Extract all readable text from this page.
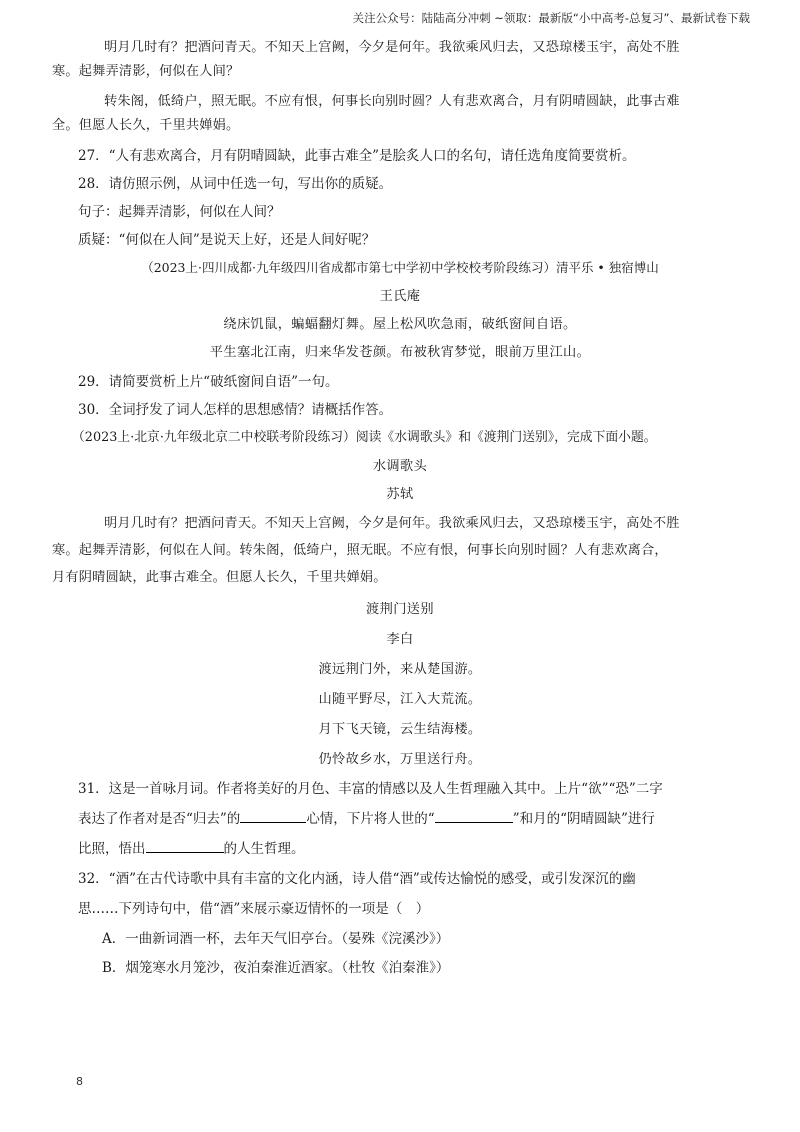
关注公众号：陆陆高分冲刺 ~领取：最新版“小中高考-总复习”、最新试卷下载

明月几时有？把酒问青天。不知天上宫阙，今夕是何年。我欲乘风归去，又恐琼楼玉宇，高处不胜
寒。起舞弄清影，何似在人间？

转朱阁，低绮户，照无眠。不应有恨，何事长向别时圆？人有悲欢离合，月有阴晴圆缺，此事古难
全。但愿人长久，千里共婵娟。

27．“人有悲欢离合，月有阴晴圆缺，此事古难全”是脍炙人口的名句，请任选角度简要赏析。

28．请仿照示例，从词中任选一句，写出你的质疑。

句子：起舞弄清影，何似在人间？

质疑：“何似在人间”是说天上好，还是人间好呢？

（2023上·四川成都·九年级四川省成都市第七中学初中学校校考阶段练习）清平乐 • 独宿博山

王氏庵

绕床饥鼠，蝙蝠翻灯舞。屋上松风吹急雨，破纸窗间自语。

平生塞北江南，归来华发苍颜。布被秋宵梦觉，眼前万里江山。

29．请简要赏析上片“破纸窗间自语”一句。

30．全词抒发了词人怎样的思想感情？请概括作答。

（2023上·北京·九年级北京二中校联考阶段练习）阅读《水调歌头》和《渡荆门送别》，完成下面小题。

水调歌头

苏轼

明月几时有？把酒问青天。不知天上宫阙，今夕是何年。我欲乘风归去，又恐琼楼玉宇，高处不胜
寒。起舞弄清影，何似在人间。转朱阁，低绮户，照无眠。不应有恨，何事长向别时圆？人有悲欢离合，
月有阴晴圆缺，此事古难全。但愿人长久，千里共婵娟。

渡荆门送别

李白

渡远荆门外，来从楚国游。

山随平野尽，江入大荒流。

月下飞天镜，云生结海楼。

仍怜故乡水，万里送行舟。

31．这是一首咏月词。作者将美好的月色、丰富的情感以及人生哲理融入其中。上片“欲”“恐”二字

表达了作者对是否“归去”的	心情，下片将人世的“	”和月的“阴晴圆缺”进行

比照，悟出	的人生哲理。

32．“酒”在古代诗歌中具有丰富的文化内涵，诗人借“酒”或传达愉悦的感受，或引发深沉的幽

思……下列诗句中，借“酒”来展示豪迈情怀的一项是（　）

A．一曲新词酒一杯，去年天气旧亭台。（晏殊《浣溪沙》）

B．烟笼寒水月笼沙，夜泊秦淮近酒家。（杜牧《泊秦淮》）

8
